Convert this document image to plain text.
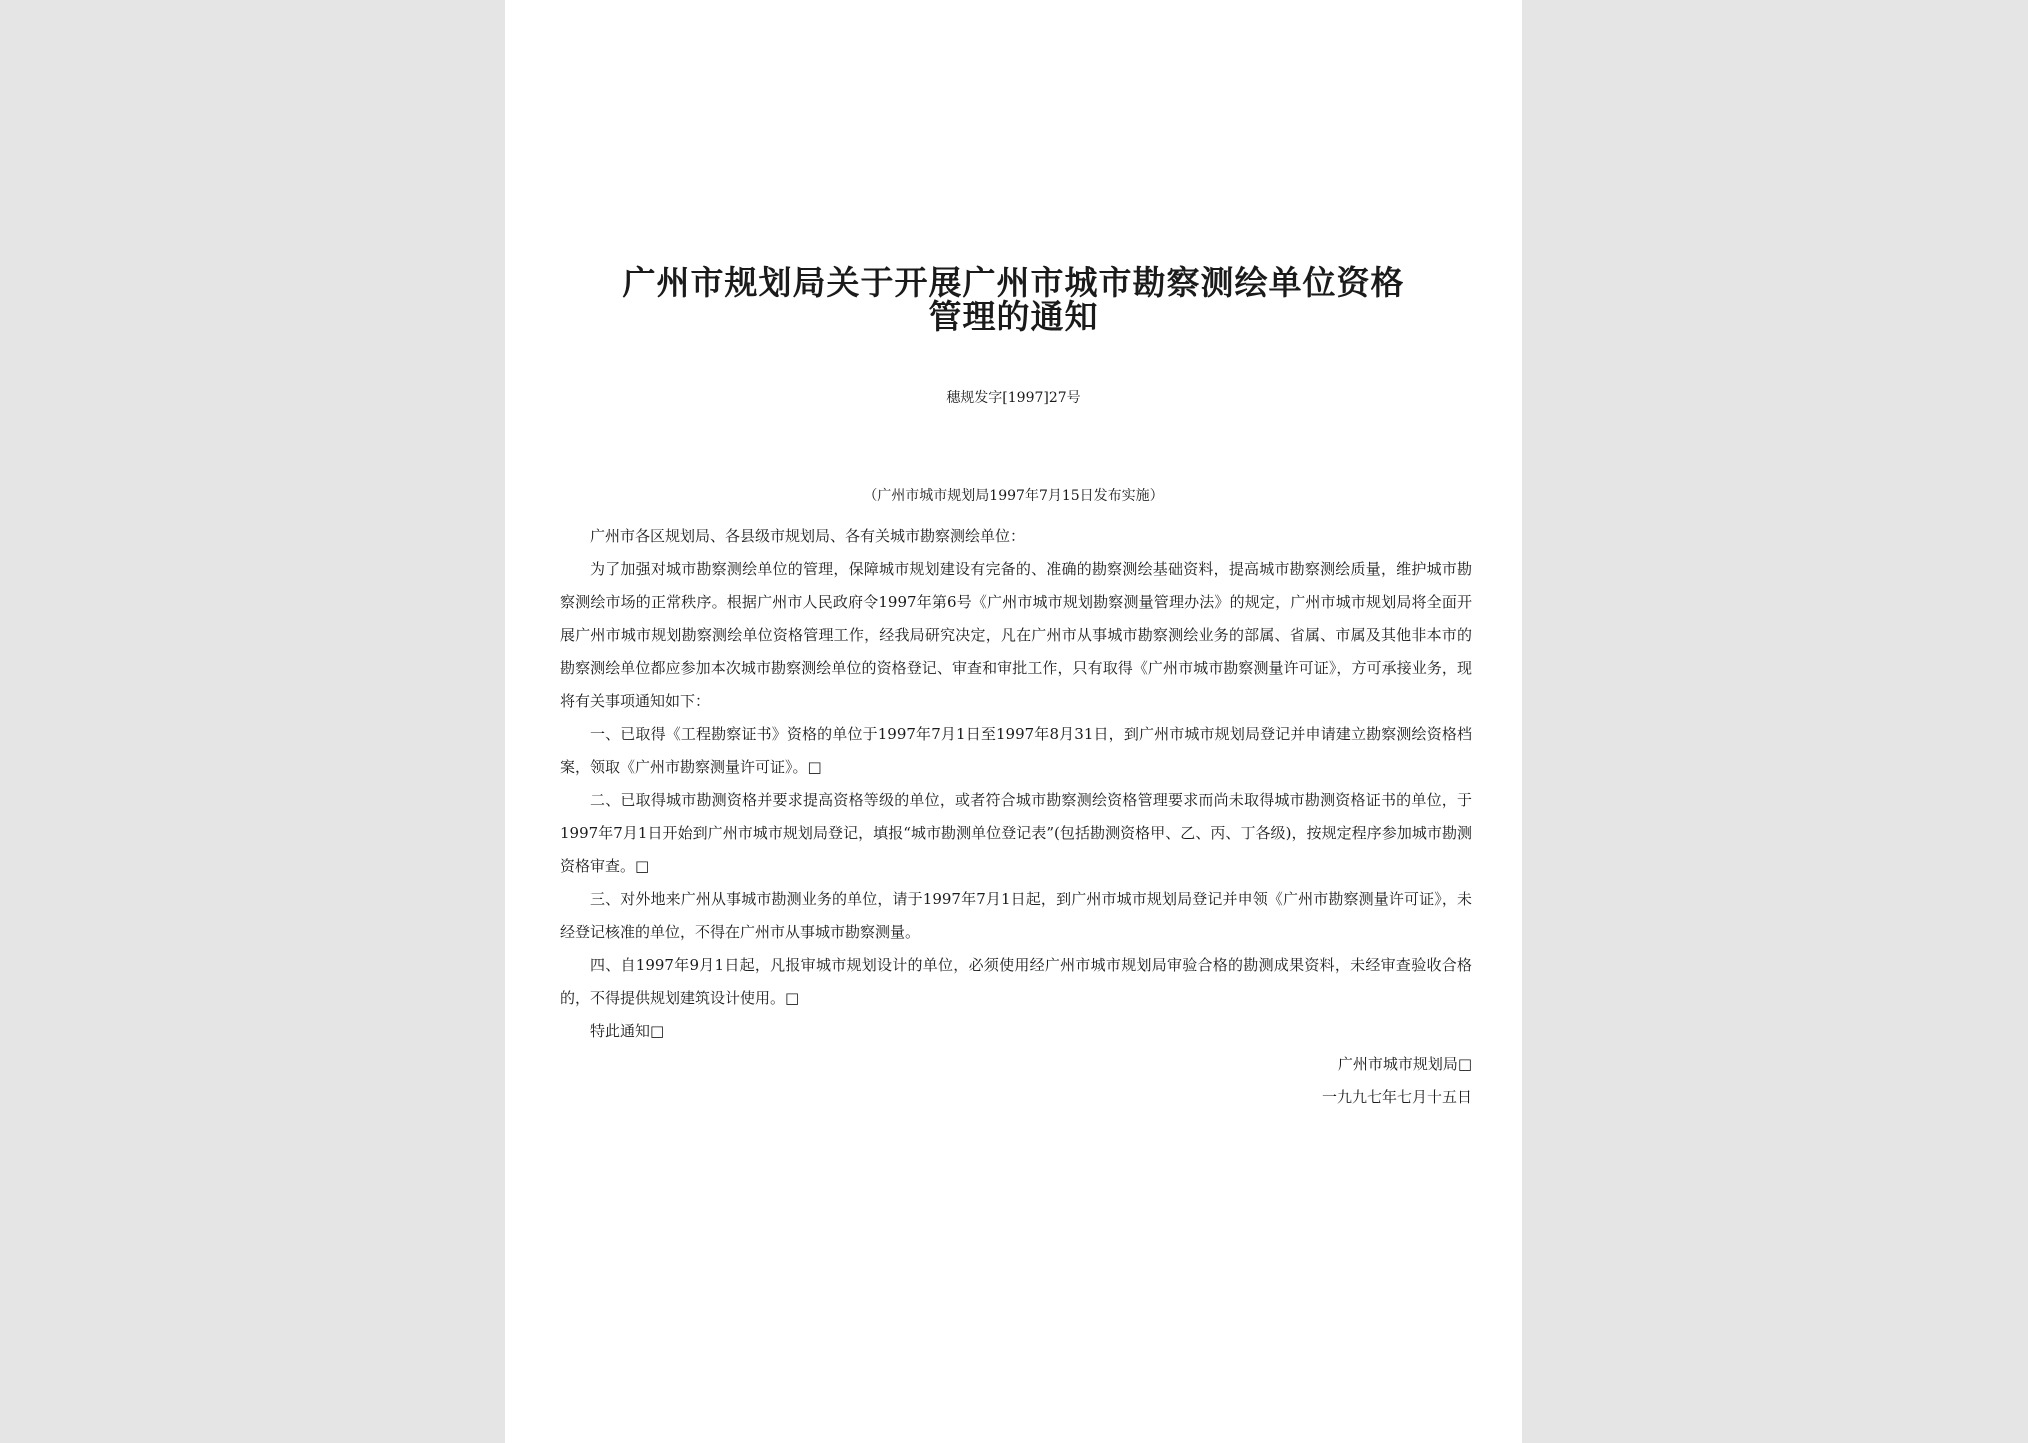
广州市规划局关于开展广州市城市勘察测绘单位资格
管理的通知
穗规发字[1997]27号
（广州市城市规划局1997年7月15日发布实施）

广州市各区规划局、各县级市规划局、各有关城市勘察测绘单位：

为了加强对城市勘察测绘单位的管理，保障城市规划建设有完备的、准确的勘察测绘基础资料，提高城市勘察测绘质量，维护城市勘察测绘市场的正常秩序。根据广州市人民政府令1997年第6号《广州市城市规划勘察测量管理办法》的规定，广州市城市规划局将全面开展广州市城市规划勘察测绘单位资格管理工作，经我局研究决定，凡在广州市从事城市勘察测绘业务的部属、省属、市属及其他非本市的勘察测绘单位都应参加本次城市勘察测绘单位的资格登记、审查和审批工作，只有取得《广州市城市勘察测量许可证》，方可承接业务，现将有关事项通知如下：

一、已取得《工程勘察证书》资格的单位于1997年7月1日至1997年8月31日，到广州市城市规划局登记并申请建立勘察测绘资格档案，领取《广州市勘察测量许可证》。□

二、已取得城市勘测资格并要求提高资格等级的单位，或者符合城市勘察测绘资格管理要求而尚未取得城市勘测资格证书的单位，于1997年7月1日开始到广州市城市规划局登记，填报“城市勘测单位登记表”(包括勘测资格甲、乙、丙、丁各级)，按规定程序参加城市勘测资格审查。□

三、对外地来广州从事城市勘测业务的单位，请于1997年7月1日起，到广州市城市规划局登记并申领《广州市勘察测量许可证》，未经登记核准的单位，不得在广州市从事城市勘察测量。

四、自1997年9月1日起，凡报审城市规划设计的单位，必须使用经广州市城市规划局审验合格的勘测成果资料，未经审查验收合格的，不得提供规划建筑设计使用。□

特此通知□

广州市城市规划局□

一九九七年七月十五日
